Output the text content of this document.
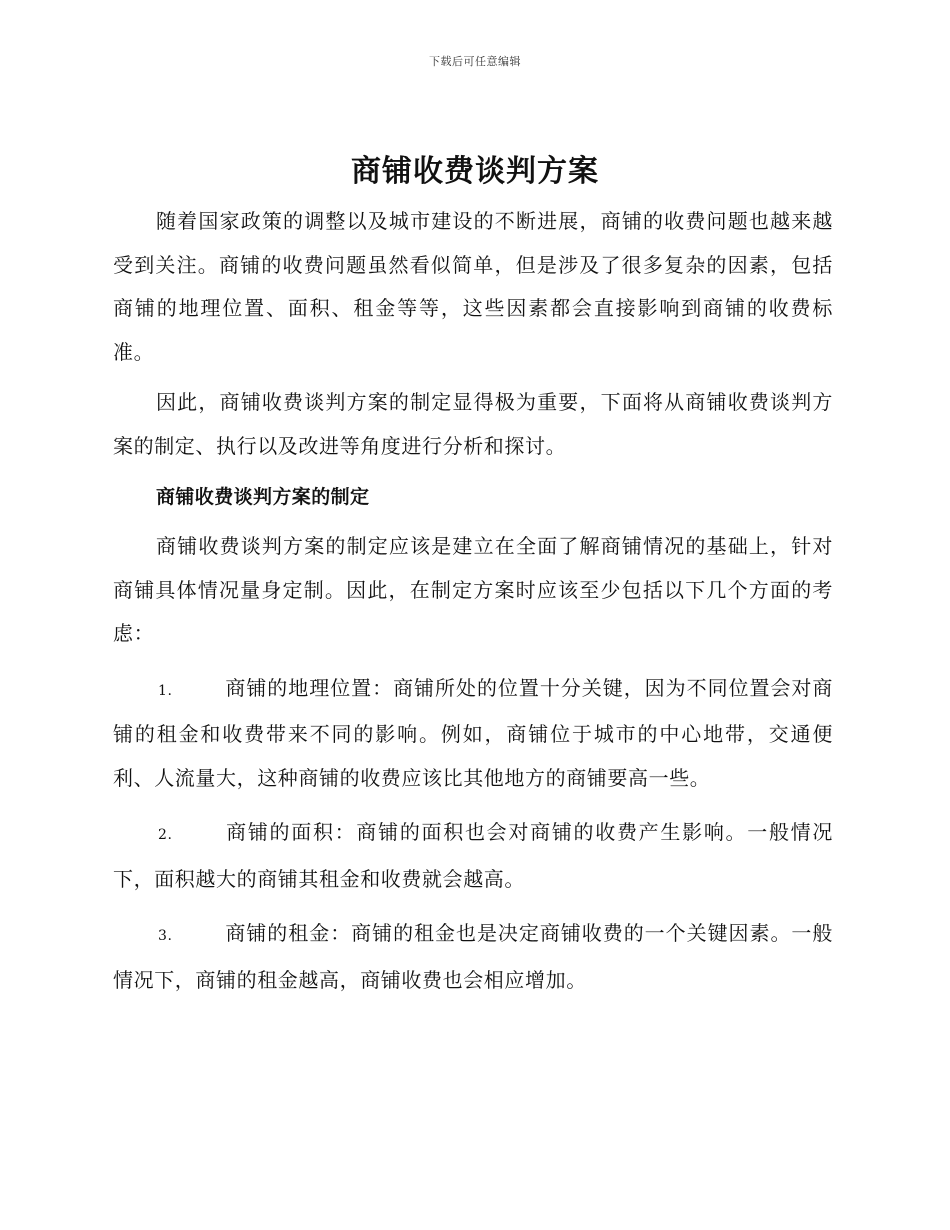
下载后可任意编辑
商铺收费谈判方案

随着国家政策的调整以及城市建设的不断进展，商铺的收费问题也越来越受到关注。商铺的收费问题虽然看似简单，但是涉及了很多复杂的因素，包括商铺的地理位置、面积、租金等等，这些因素都会直接影响到商铺的收费标准。

因此，商铺收费谈判方案的制定显得极为重要，下面将从商铺收费谈判方案的制定、执行以及改进等角度进行分析和探讨。

商铺收费谈判方案的制定

商铺收费谈判方案的制定应该是建立在全面了解商铺情况的基础上，针对商铺具体情况量身定制。因此，在制定方案时应该至少包括以下几个方面的考虑：

1.	商铺的地理位置：商铺所处的位置十分关键，因为不同位置会对商铺的租金和收费带来不同的影响。例如，商铺位于城市的中心地带，交通便利、人流量大，这种商铺的收费应该比其他地方的商铺要高一些。
2.	商铺的面积：商铺的面积也会对商铺的收费产生影响。一般情况下，面积越大的商铺其租金和收费就会越高。
3.	商铺的租金：商铺的租金也是决定商铺收费的一个关键因素。一般情况下，商铺的租金越高，商铺收费也会相应增加。
